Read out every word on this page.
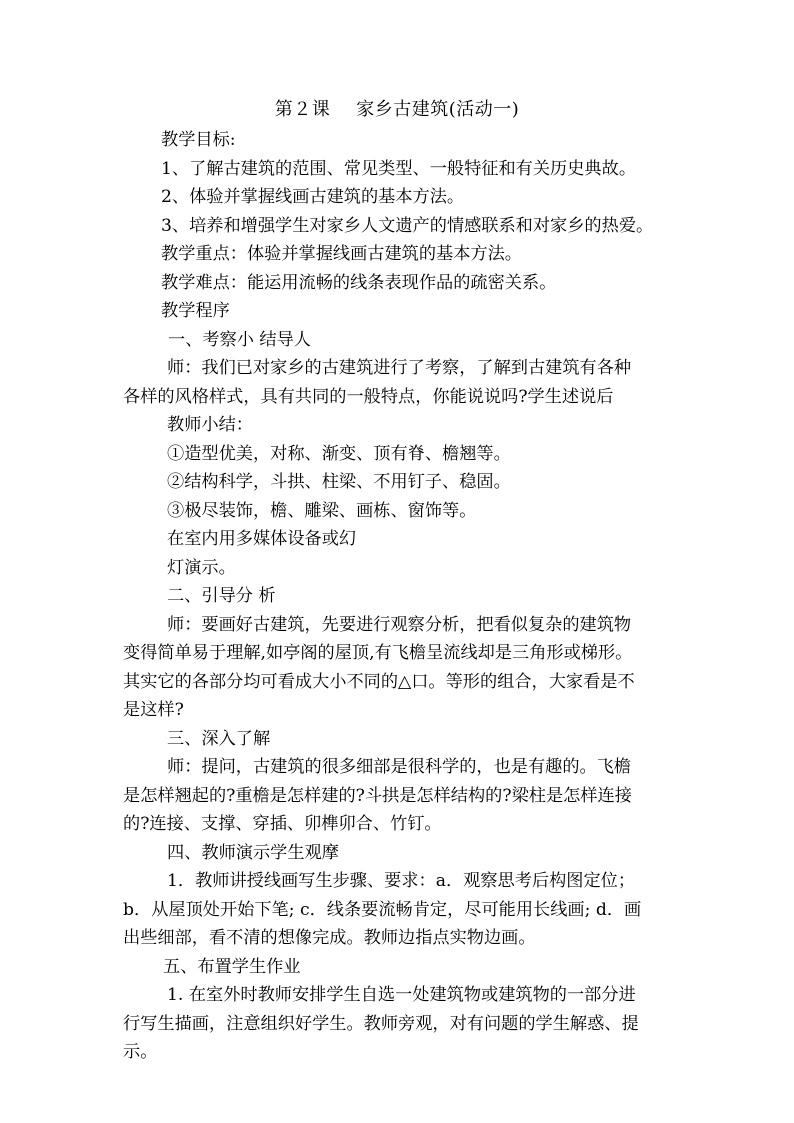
第２课 家乡古建筑(活动一)

教学目标:

1、了解古建筑的范围、常见类型、一般特征和有关历史典故。

2、体验并掌握线画古建筑的基本方法。

3、培养和增强学生对家乡人文遗产的情感联系和对家乡的热爱。

教学重点：体验并掌握线画古建筑的基本方法。

教学难点：能运用流畅的线条表现作品的疏密关系。

教学程序

一、考察小 结导人

师：我们已对家乡的古建筑进行了考察，了解到古建筑有各种

各样的风格样式，具有共同的一般特点，你能说说吗?学生述说后

教师小结：

①造型优美，对称、渐变、顶有脊、檐翘等。

②结构科学，斗拱、柱梁、不用钉子、稳固。

③极尽装饰，檐、雕梁、画栋、窗饰等。

在室内用多媒体设备或幻

灯演示。

二、引导分 析

师：要画好古建筑，先要进行观察分析，把看似复杂的建筑物

变得简单易于理解,如亭阁的屋顶,有飞檐呈流线却是三角形或梯形。

其实它的各部分均可看成大小不同的△口。等形的组合，大家看是不

是这样?

三、深入了解

师：提问，古建筑的很多细部是很科学的，也是有趣的。飞檐

是怎样翘起的?重檐是怎样建的?斗拱是怎样结构的?梁柱是怎样连接

的?连接、支撑、穿插、卯榫卯合、竹钉。

四、教师演示学生观摩

1．教师讲授线画写生步骤、要求：a．观察思考后构图定位；

b．从屋顶处开始下笔; c．线条要流畅肯定，尽可能用长线画; d．画

出些细部，看不清的想像完成。教师边指点实物边画。

五、布置学生作业

1. 在室外时教师安排学生自选一处建筑物或建筑物的一部分进

行写生描画，注意组织好学生。教师旁观，对有问题的学生解惑、提

示。
